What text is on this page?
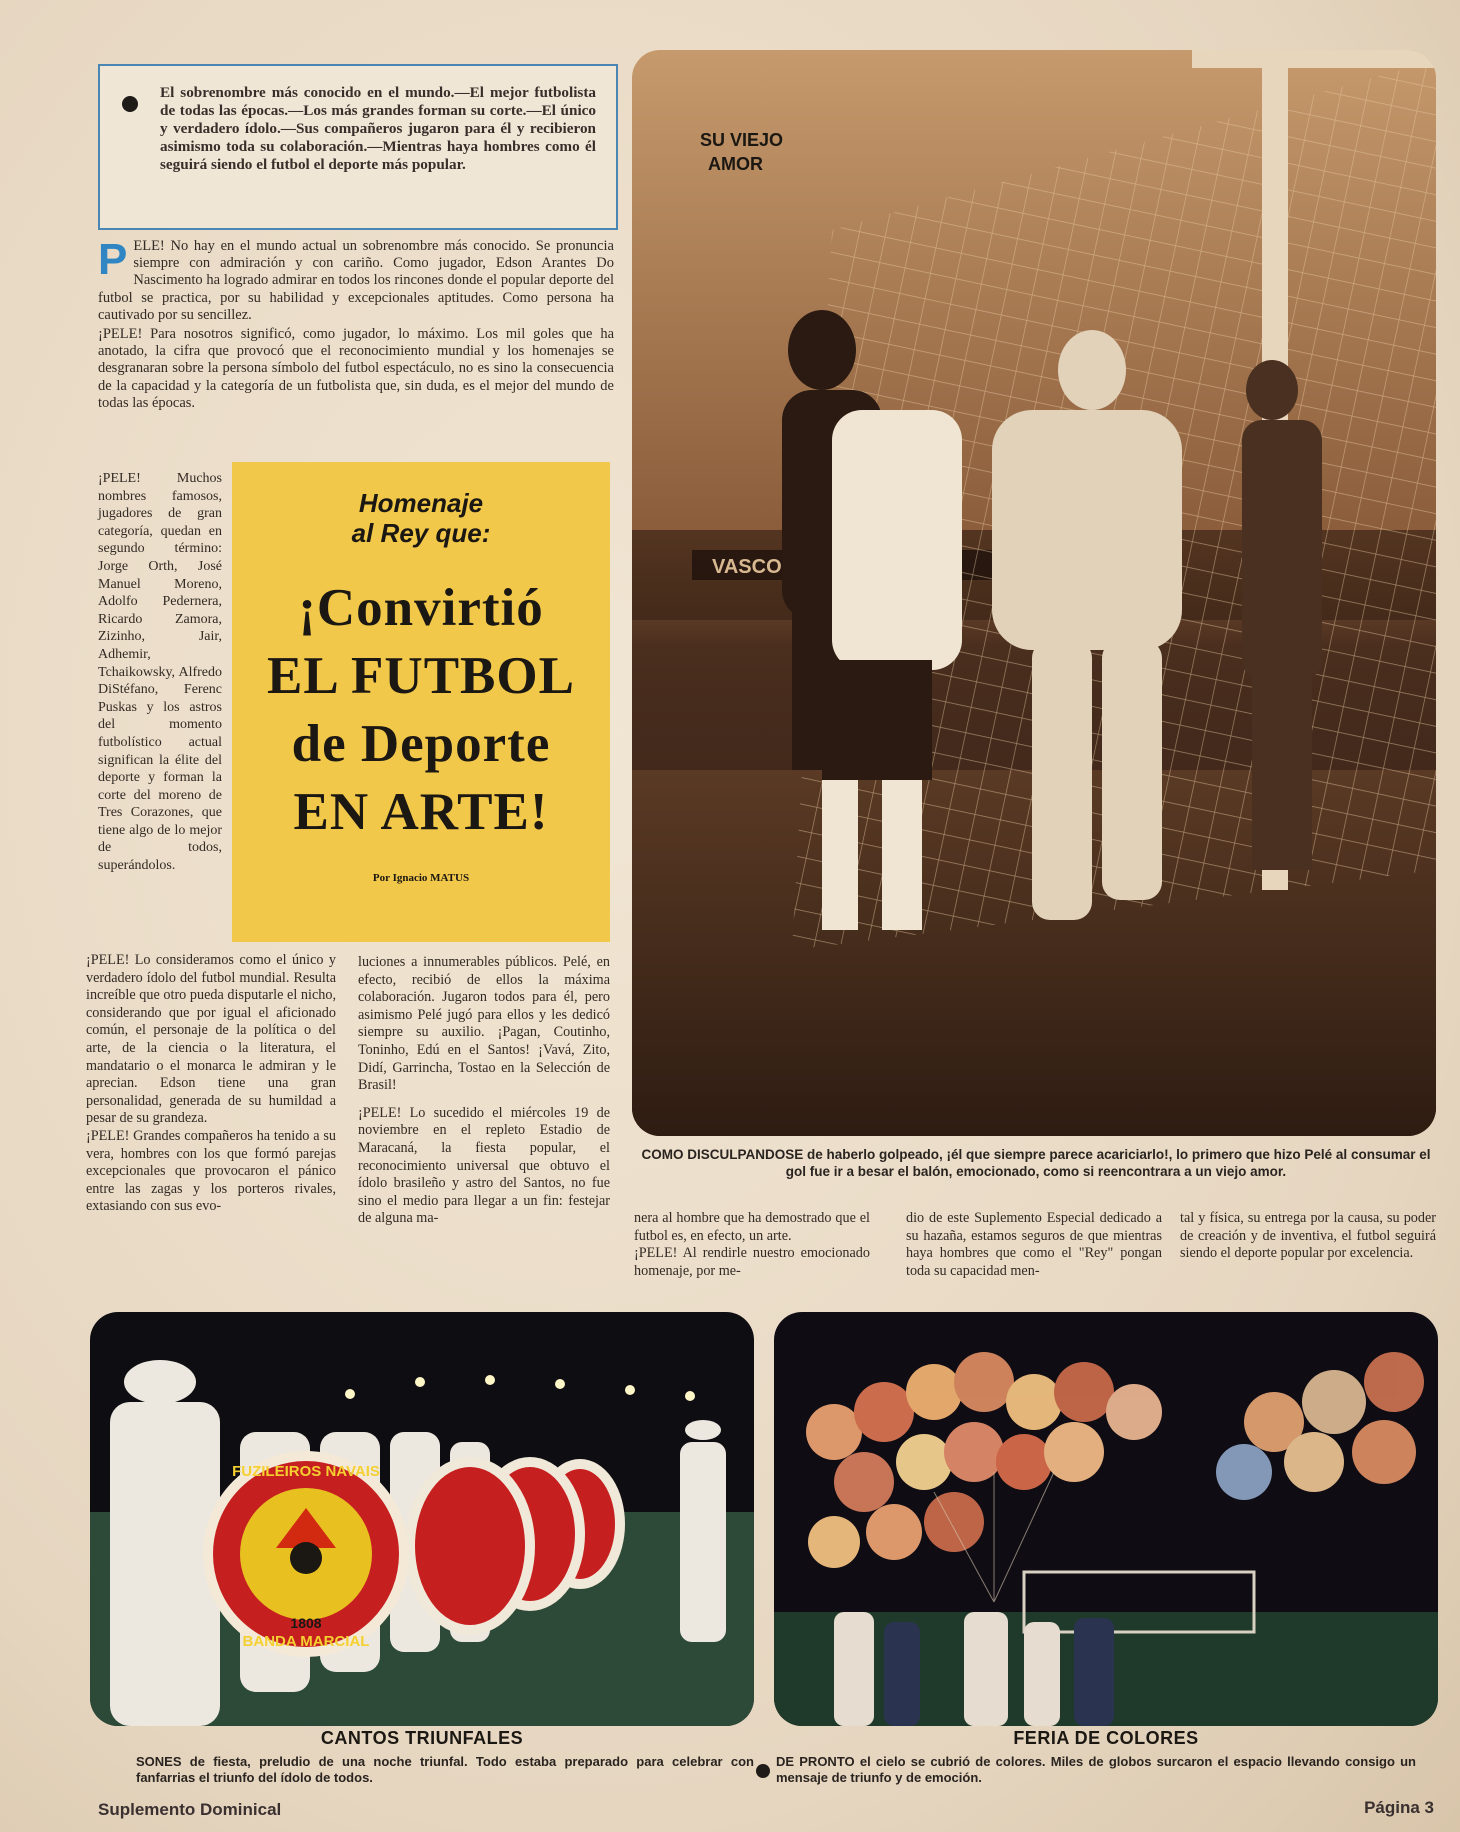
El sobrenombre más conocido en el mundo.—El mejor futbolista de todas las épocas.—Los más grandes forman su corte.—El único y verdadero ídolo.—Sus compañeros jugaron para él y recibieron asimismo toda su colaboración.—Mientras haya hombres como él seguirá siendo el futbol el deporte más popular.

PELE! No hay en el mundo actual un sobrenombre más conocido. Se pronuncia siempre con admiración y con cariño. Como jugador, Edson Arantes Do Nascimento ha logrado admirar en todos los rincones donde el popular deporte del futbol se practica, por su habilidad y excepcionales aptitudes. Como persona ha cautivado por su sencillez.

¡PELE! Para nosotros significó, como jugador, lo máximo. Los mil goles que ha anotado, la cifra que provocó que el reconocimiento mundial y los homenajes se desgranaran sobre la persona símbolo del futbol espectáculo, no es sino la consecuencia de la capacidad y la categoría de un futbolista que, sin duda, es el mejor del mundo de todas las épocas.

¡PELE! Muchos nombres famosos, jugadores de gran categoría, quedan en segundo término: Jorge Orth, José Manuel Moreno, Adolfo Pedernera, Ricardo Zamora, Zizinho, Jair, Adhemir, Tchaikowsky, Alfredo DiStéfano, Ferenc Puskas y los astros del momento futbolístico actual significan la élite del deporte y forman la corte del moreno de Tres Corazones, que tiene algo de lo mejor de todos, superándolos.

Homenaje
al Rey que:
¡Convirtió
EL FUTBOL
de Deporte
EN ARTE!
Por Ignacio MATUS

¡PELE! Lo consideramos como el único y verdadero ídolo del futbol mundial. Resulta increíble que otro pueda disputarle el nicho, considerando que por igual el aficionado común, el personaje de la política o del arte, de la ciencia o la literatura, el mandatario o el monarca le admiran y le aprecian. Edson tiene una gran personalidad, generada de su humildad a pesar de su grandeza.

¡PELE! Grandes compañeros ha tenido a su vera, hombres con los que formó parejas excepcionales que provocaron el pánico entre las zagas y los porteros rivales, extasiando con sus evo-

luciones a innumerables públicos. Pelé, en efecto, recibió de ellos la máxima colaboración. Jugaron todos para él, pero asimismo Pelé jugó para ellos y les dedicó siempre su auxilio. ¡Pagan, Coutinho, Toninho, Edú en el Santos! ¡Vavá, Zito, Didí, Garrincha, Tostao en la Selección de Brasil!

¡PELE! Lo sucedido el miércoles 19 de noviembre en el repleto Estadio de Maracaná, la fiesta popular, el reconocimiento universal que obtuvo el ídolo brasileño y astro del Santos, no fue sino el medio para llegar a un fin: festejar de alguna ma-	nera al hombre que ha demostrado que el futbol es, en efecto, un arte.

¡PELE! Al rendirle nuestro emocionado homenaje, por me-

dio de este Suplemento Especial dedicado a su hazaña, estamos seguros de que mientras haya hombres que como el "Rey" pongan toda su capacidad men-

tal y física, su entrega por la causa, su poder de creación y de inventiva, el futbol seguirá siendo el deporte popular por excelencia.

VASCO
SU VIEJO
AMOR
COMO DISCULPANDOSE de haberlo golpeado, ¡él que siempre parece acariciarlo!, lo primero que hizo Pelé al consumar el gol fue ir a besar el balón, emocionado, como si reencontrara a un viejo amor.
1808
FUZILEIROS NAVAIS
BANDA MARCIAL
CANTOS TRIUNFALES
SONES de fiesta, preludio de una noche triunfal. Todo estaba preparado para celebrar con fanfarrias el triunfo del ídolo de todos.
FERIA DE COLORES
DE PRONTO el cielo se cubrió de colores. Miles de globos surcaron el espacio llevando consigo un mensaje de triunfo y de emoción.
Suplemento Dominical	Página 3
